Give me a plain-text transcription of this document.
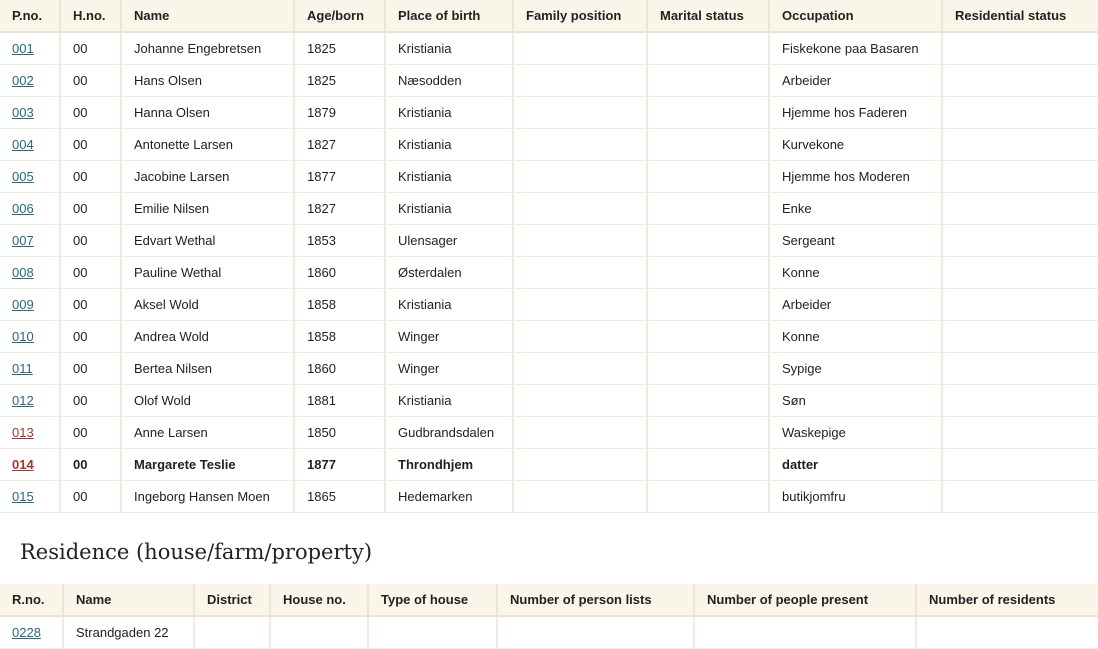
P.no.	H.no.	Name	Age/born	Place of birth	Family position	Marital status	Occupation	Residential status
001	00	Johanne Engebretsen	1825	Kristiania			Fiskekone paa Basaren	
002	00	Hans Olsen	1825	Næsodden			Arbeider	
003	00	Hanna Olsen	1879	Kristiania			Hjemme hos Faderen	
004	00	Antonette Larsen	1827	Kristiania			Kurvekone	
005	00	Jacobine Larsen	1877	Kristiania			Hjemme hos Moderen	
006	00	Emilie Nilsen	1827	Kristiania			Enke	
007	00	Edvart Wethal	1853	Ulensager			Sergeant	
008	00	Pauline Wethal	1860	Østerdalen			Konne	
009	00	Aksel Wold	1858	Kristiania			Arbeider	
010	00	Andrea Wold	1858	Winger			Konne	
011	00	Bertea Nilsen	1860	Winger			Sypige	
012	00	Olof Wold	1881	Kristiania			Søn	
013	00	Anne Larsen	1850	Gudbrandsdalen			Waskepige	
014	00	Margarete Teslie	1877	Throndhjem			datter	
015	00	Ingeborg Hansen Moen	1865	Hedemarken			butikjomfru	
Residence (house/farm/property)
R.no.	Name	District	House no.	Type of house	Number of person lists	Number of people present	Number of residents
0228	Strandgaden 22						
